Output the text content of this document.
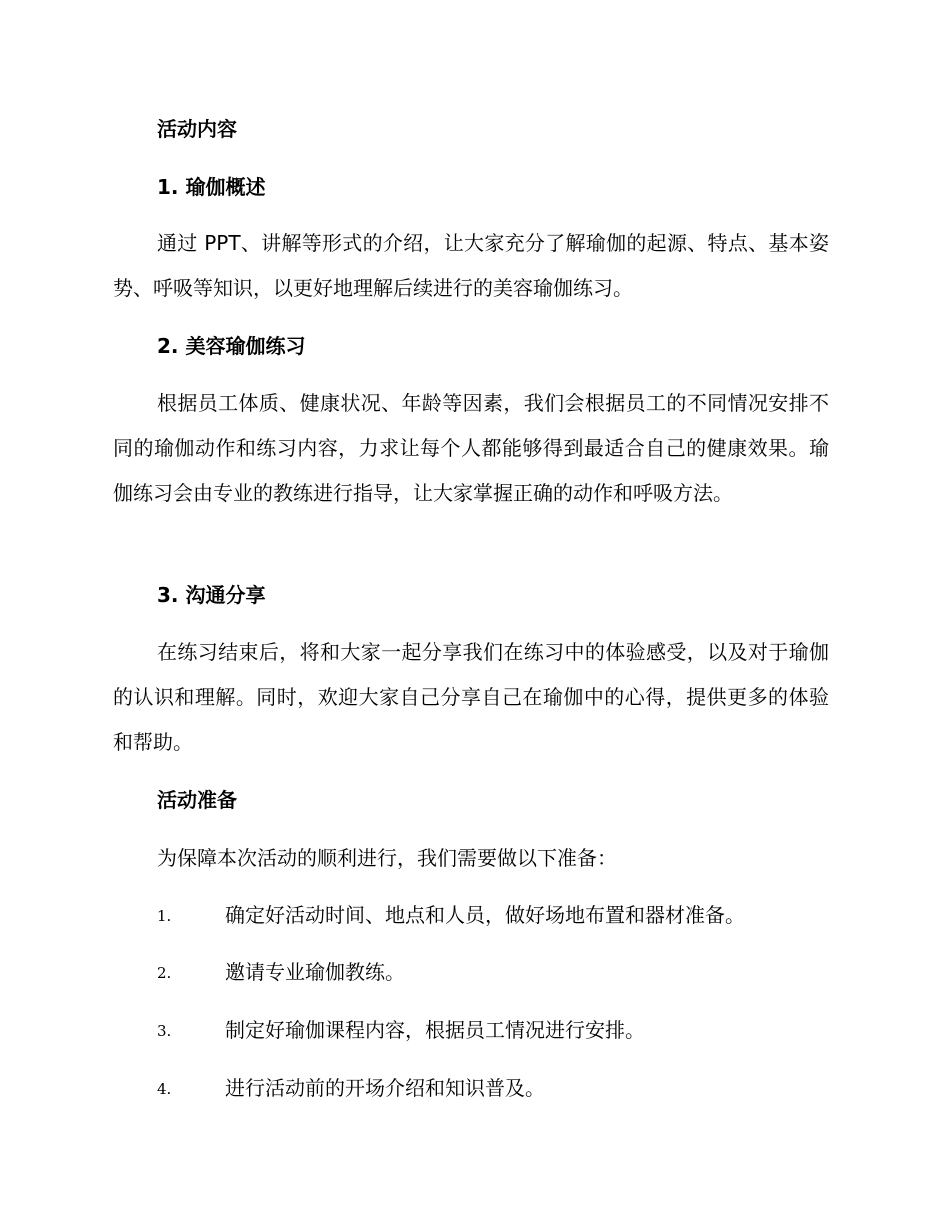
活动内容
1. 瑜伽概述

通过 PPT、讲解等形式的介绍，让大家充分了解瑜伽的起源、特点、基本姿势、呼吸等知识，以更好地理解后续进行的美容瑜伽练习。

2. 美容瑜伽练习

根据员工体质、健康状况、年龄等因素，我们会根据员工的不同情况安排不同的瑜伽动作和练习内容，力求让每个人都能够得到最适合自己的健康效果。瑜伽练习会由专业的教练进行指导，让大家掌握正确的动作和呼吸方法。

3. 沟通分享

在练习结束后，将和大家一起分享我们在练习中的体验感受，以及对于瑜伽的认识和理解。同时，欢迎大家自己分享自己在瑜伽中的心得，提供更多的体验和帮助。

活动准备
为保障本次活动的顺利进行，我们需要做以下准备：
1.	确定好活动时间、地点和人员，做好场地布置和器材准备。
2.	邀请专业瑜伽教练。
3.	制定好瑜伽课程内容，根据员工情况进行安排。
4.	进行活动前的开场介绍和知识普及。
